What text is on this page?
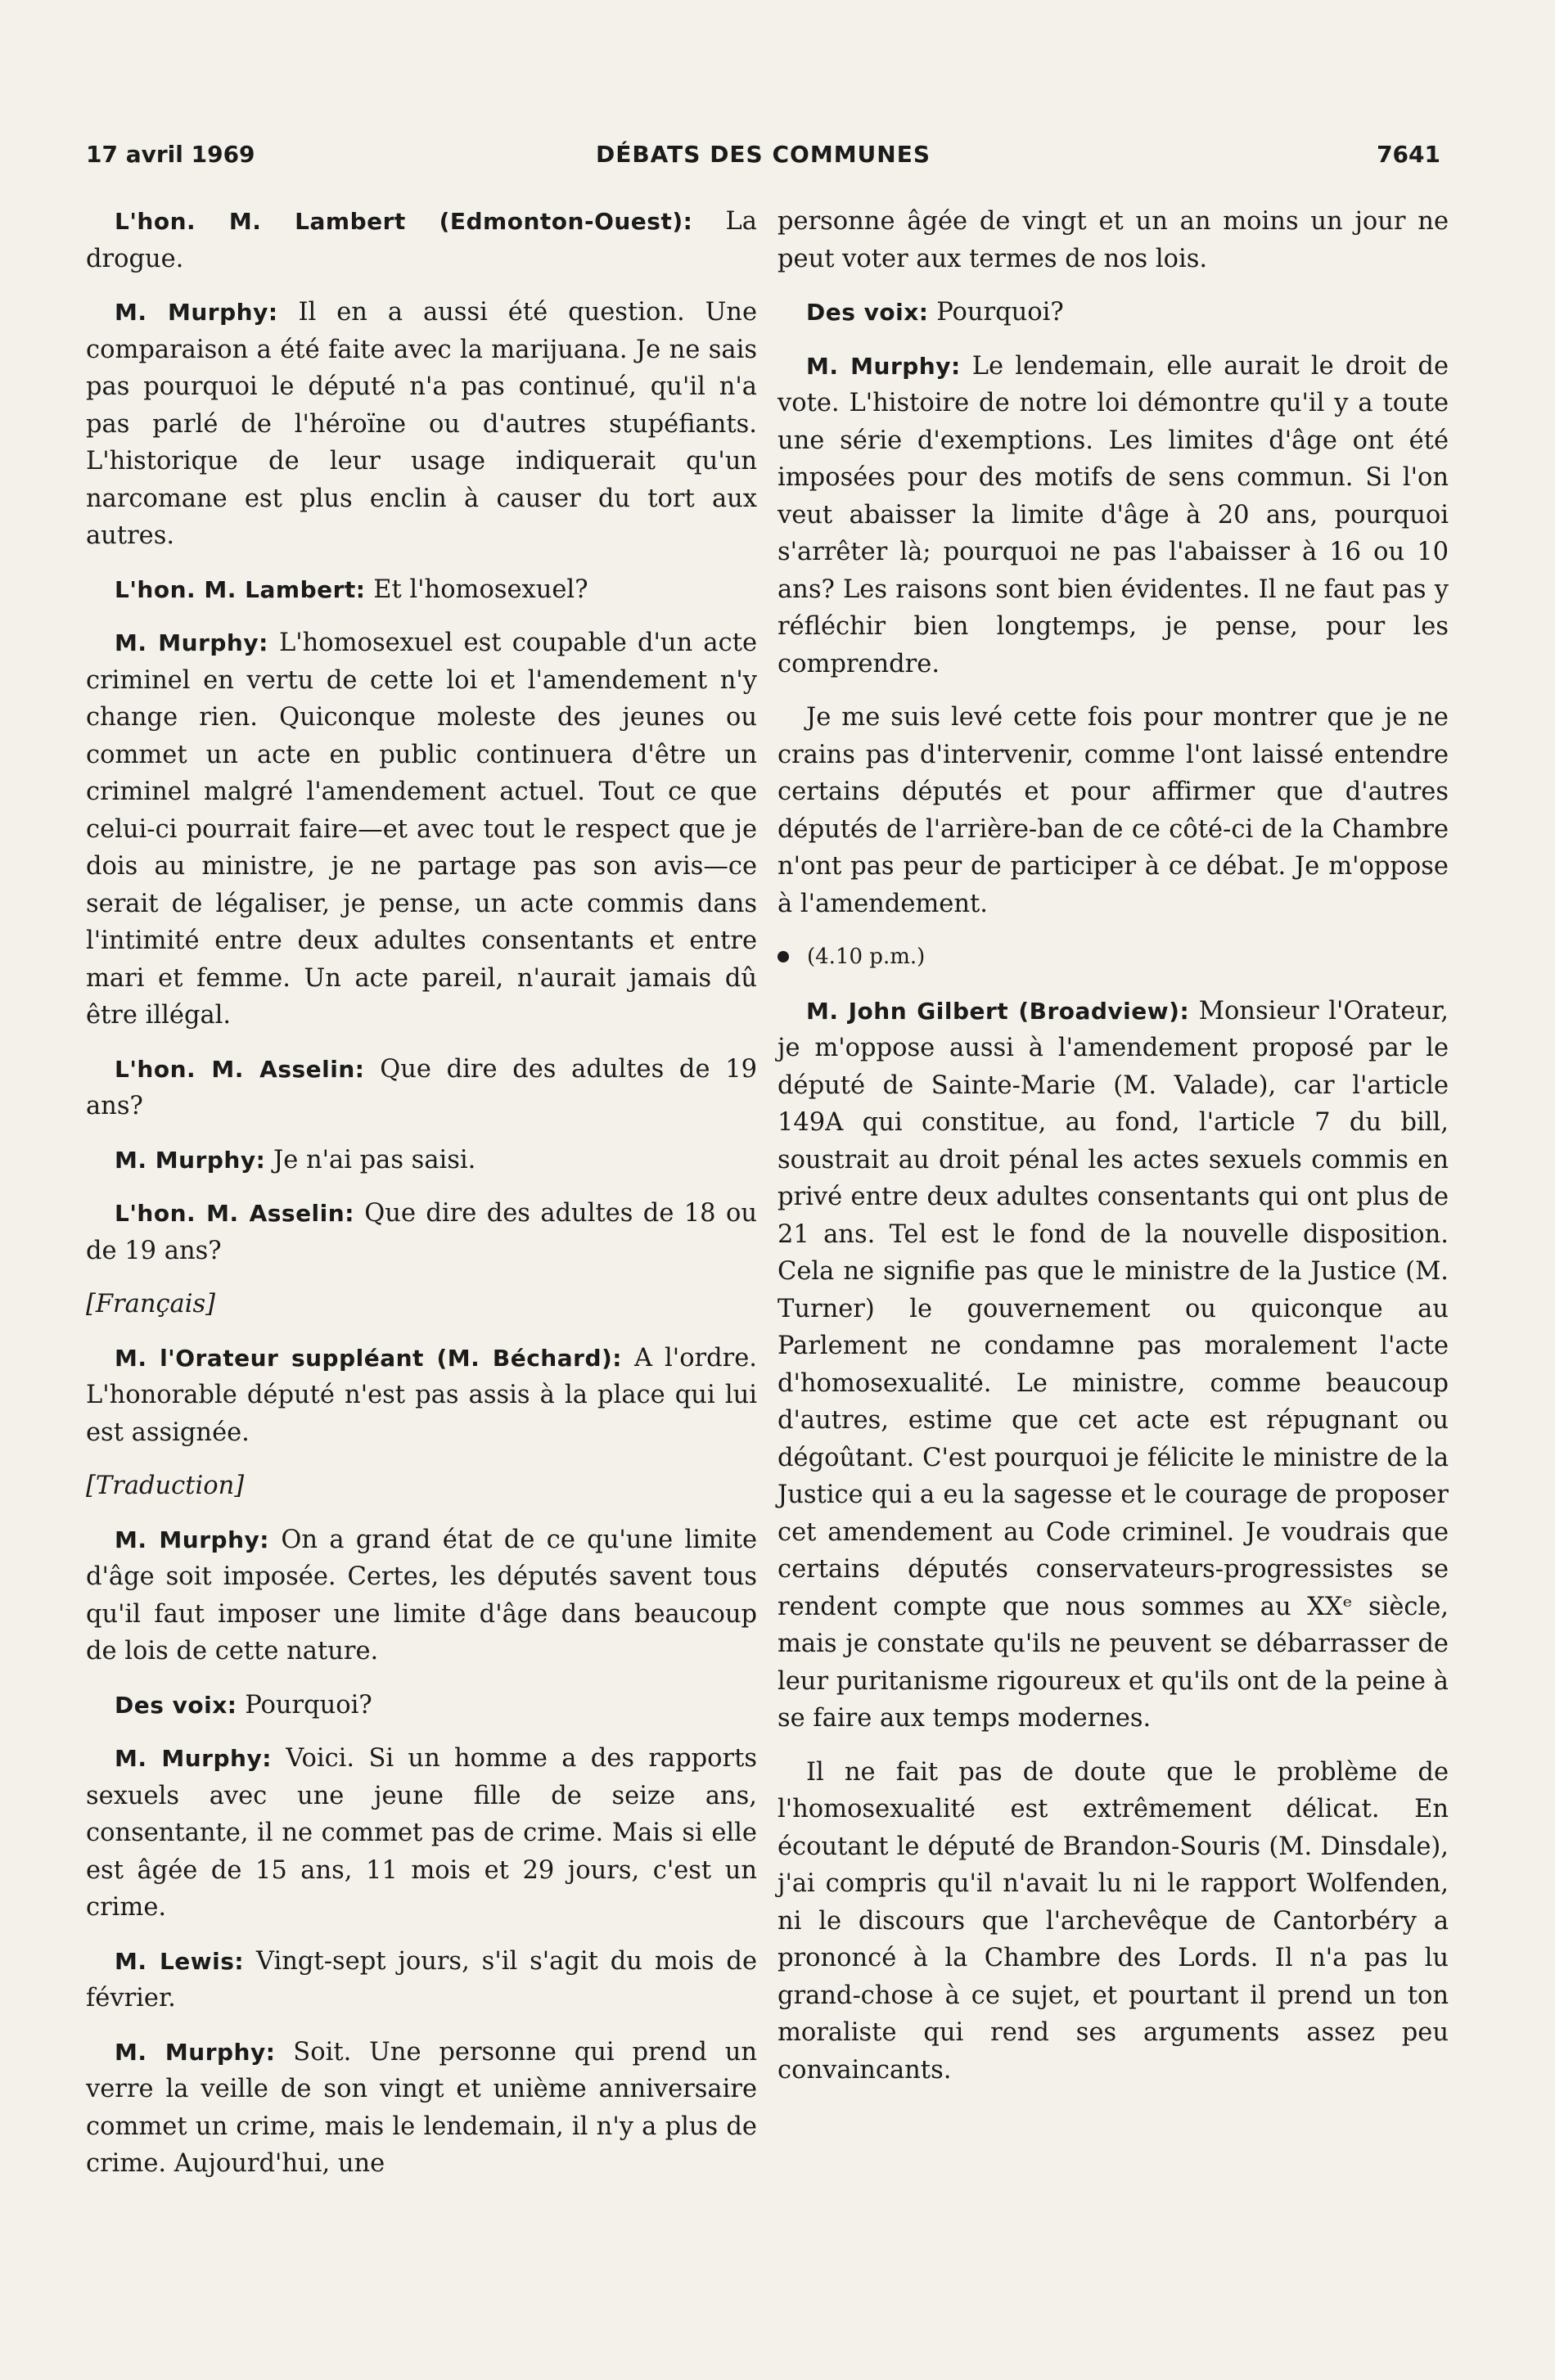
17 avril 1969	DÉBATS DES COMMUNES	7641

L'hon. M. Lambert (Edmonton-Ouest): La drogue.

M. Murphy: Il en a aussi été question. Une comparaison a été faite avec la marijuana. Je ne sais pas pourquoi le député n'a pas continué, qu'il n'a pas parlé de l'héroïne ou d'autres stupéfiants. L'historique de leur usage indiquerait qu'un narcomane est plus enclin à causer du tort aux autres.

L'hon. M. Lambert: Et l'homosexuel?

M. Murphy: L'homosexuel est coupable d'un acte criminel en vertu de cette loi et l'amendement n'y change rien. Quiconque moleste des jeunes ou commet un acte en public continuera d'être un criminel malgré l'amendement actuel. Tout ce que celui-ci pourrait faire—et avec tout le respect que je dois au ministre, je ne partage pas son avis—ce serait de légaliser, je pense, un acte commis dans l'intimité entre deux adultes consentants et entre mari et femme. Un acte pareil, n'aurait jamais dû être illégal.

L'hon. M. Asselin: Que dire des adultes de 19 ans?

M. Murphy: Je n'ai pas saisi.

L'hon. M. Asselin: Que dire des adultes de 18 ou de 19 ans?

[Français]

M. l'Orateur suppléant (M. Béchard): A l'ordre. L'honorable député n'est pas assis à la place qui lui est assignée.

[Traduction]

M. Murphy: On a grand état de ce qu'une limite d'âge soit imposée. Certes, les députés savent tous qu'il faut imposer une limite d'âge dans beaucoup de lois de cette nature.

Des voix: Pourquoi?

M. Murphy: Voici. Si un homme a des rapports sexuels avec une jeune fille de seize ans, consentante, il ne commet pas de crime. Mais si elle est âgée de 15 ans, 11 mois et 29 jours, c'est un crime.

M. Lewis: Vingt-sept jours, s'il s'agit du mois de février.

M. Murphy: Soit. Une personne qui prend un verre la veille de son vingt et unième anniversaire commet un crime, mais le lendemain, il n'y a plus de crime. Aujourd'hui, une

personne âgée de vingt et un an moins un jour ne peut voter aux termes de nos lois.

Des voix: Pourquoi?

M. Murphy: Le lendemain, elle aurait le droit de vote. L'histoire de notre loi démontre qu'il y a toute une série d'exemptions. Les limites d'âge ont été imposées pour des motifs de sens commun. Si l'on veut abaisser la limite d'âge à 20 ans, pourquoi s'arrêter là; pourquoi ne pas l'abaisser à 16 ou 10 ans? Les raisons sont bien évidentes. Il ne faut pas y réfléchir bien longtemps, je pense, pour les comprendre.

Je me suis levé cette fois pour montrer que je ne crains pas d'intervenir, comme l'ont laissé entendre certains députés et pour affirmer que d'autres députés de l'arrière-ban de ce côté-ci de la Chambre n'ont pas peur de participer à ce débat. Je m'oppose à l'amendement.

(4.10 p.m.)

M. John Gilbert (Broadview): Monsieur l'Orateur, je m'oppose aussi à l'amendement proposé par le député de Sainte-Marie (M. Valade), car l'article 149A qui constitue, au fond, l'article 7 du bill, soustrait au droit pénal les actes sexuels commis en privé entre deux adultes consentants qui ont plus de 21 ans. Tel est le fond de la nouvelle disposition. Cela ne signifie pas que le ministre de la Justice (M. Turner) le gouvernement ou quiconque au Parlement ne condamne pas moralement l'acte d'homosexualité. Le ministre, comme beaucoup d'autres, estime que cet acte est répugnant ou dégoûtant. C'est pourquoi je félicite le ministre de la Justice qui a eu la sagesse et le courage de proposer cet amendement au Code criminel. Je voudrais que certains députés conservateurs-progressistes se rendent compte que nous sommes au XXᵉ siècle, mais je constate qu'ils ne peuvent se débarrasser de leur puritanisme rigoureux et qu'ils ont de la peine à se faire aux temps modernes.

Il ne fait pas de doute que le problème de l'homosexualité est extrêmement délicat. En écoutant le député de Brandon-Souris (M. Dinsdale), j'ai compris qu'il n'avait lu ni le rapport Wolfenden, ni le discours que l'archevêque de Cantorbéry a prononcé à la Chambre des Lords. Il n'a pas lu grand-chose à ce sujet, et pourtant il prend un ton moraliste qui rend ses arguments assez peu convaincants.
